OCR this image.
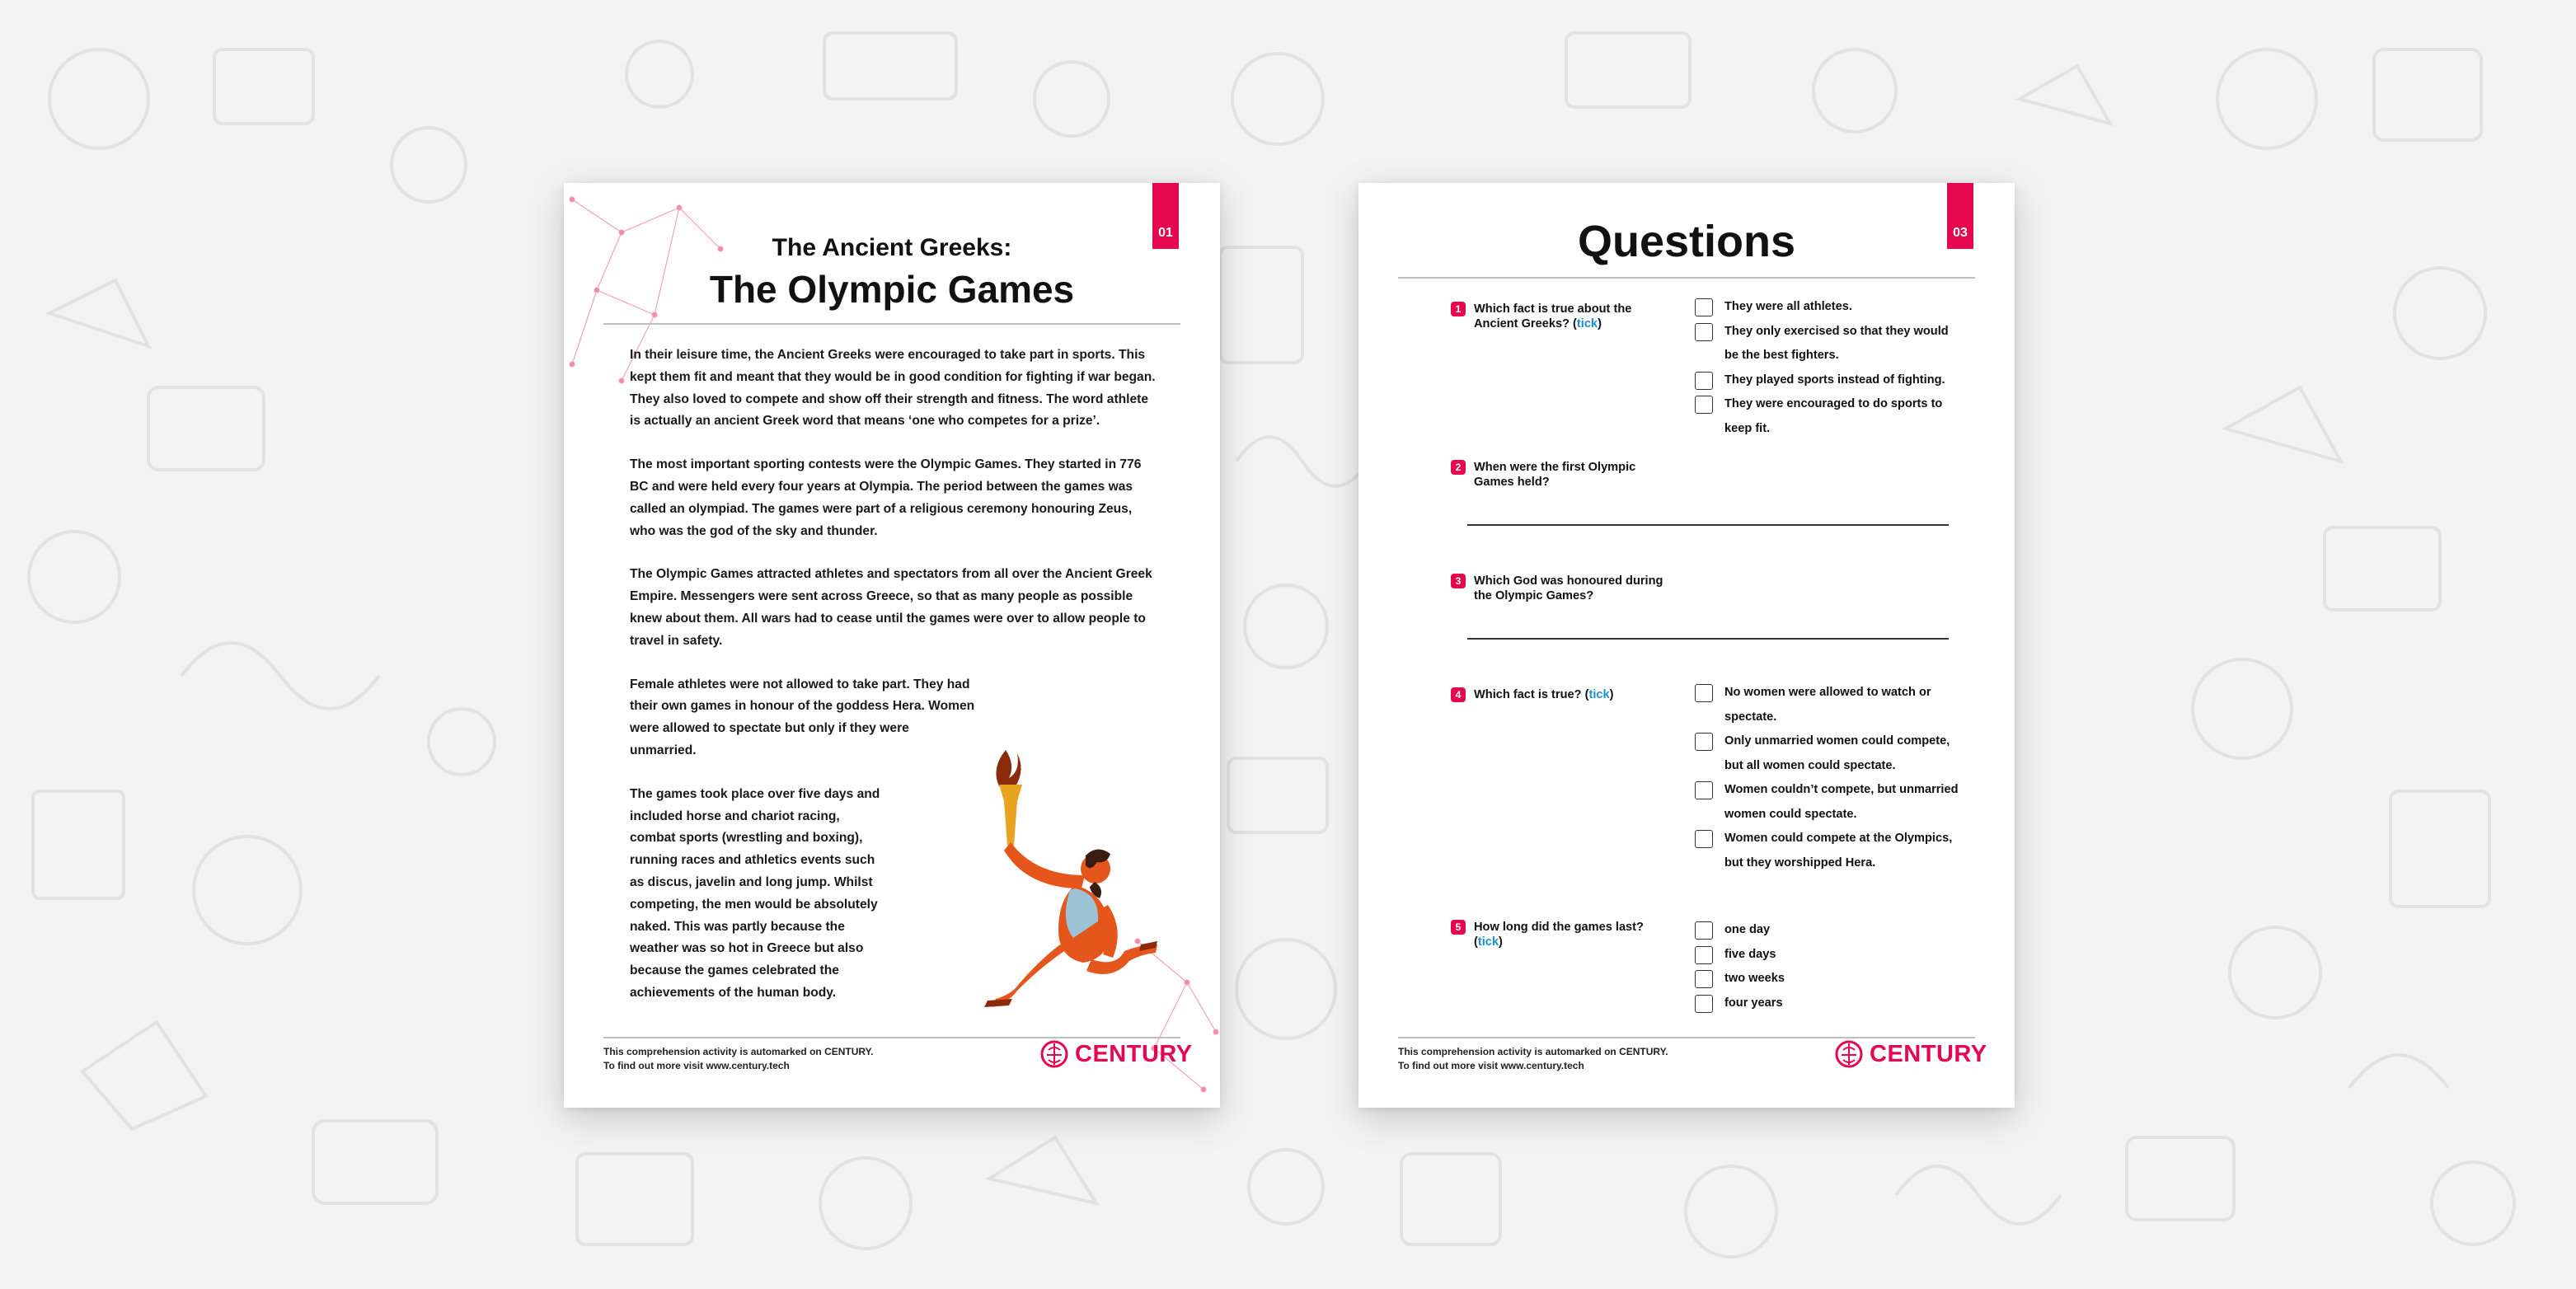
01
The Ancient Greeks:
The Olympic Games

In their leisure time, the Ancient Greeks were encouraged to take part in sports. This kept them fit and meant that they would be in good condition for fighting if war began. They also loved to compete and show off their strength and fitness. The word athlete is actually an ancient Greek word that means ‘one who competes for a prize’.

The most important sporting contests were the Olympic Games. They started in 776 BC and were held every four years at Olympia. The period between the games was called an olympiad. The games were part of a religious ceremony honouring Zeus, who was the god of the sky and thunder.

The Olympic Games attracted athletes and spectators from all over the Ancient Greek Empire. Messengers were sent across Greece, so that as many people as possible knew about them. All wars had to cease until the games were over to allow people to travel in safety.

Female athletes were not allowed to take part. They had their own games in honour of the goddess Hera. Women were allowed to spectate but only if they were unmarried.

The games took place over five days and included horse and chariot racing, combat sports (wrestling and boxing), running races and athletics events such as discus, javelin and long jump. Whilst competing, the men would be absolutely naked. This was partly because the weather was so hot in Greece but also because the games celebrated the achievements of the human body.

This comprehension activity is automarked on CENTURY.
To find out more visit www.century.tech	CENTURY
03
Questions
1 Which fact is true about the Ancient Greeks? (tick)
They were all athletes.
They only exercised so that they would be the best fighters.
They played sports instead of fighting.
They were encouraged to do sports to keep fit.
2 When were the first Olympic Games held?
3 Which God was honoured during the Olympic Games?
4 Which fact is true? (tick)	No women were allowed to watch or spectate.
Only unmarried women could compete, but all women could spectate.
Women couldn’t compete, but unmarried women could spectate.
Women could compete at the Olympics, but they worshipped Hera.
5 How long did the games last? (tick)
one day
five days
two weeks
four years
This comprehension activity is automarked on CENTURY.
To find out more visit www.century.tech	CENTURY
